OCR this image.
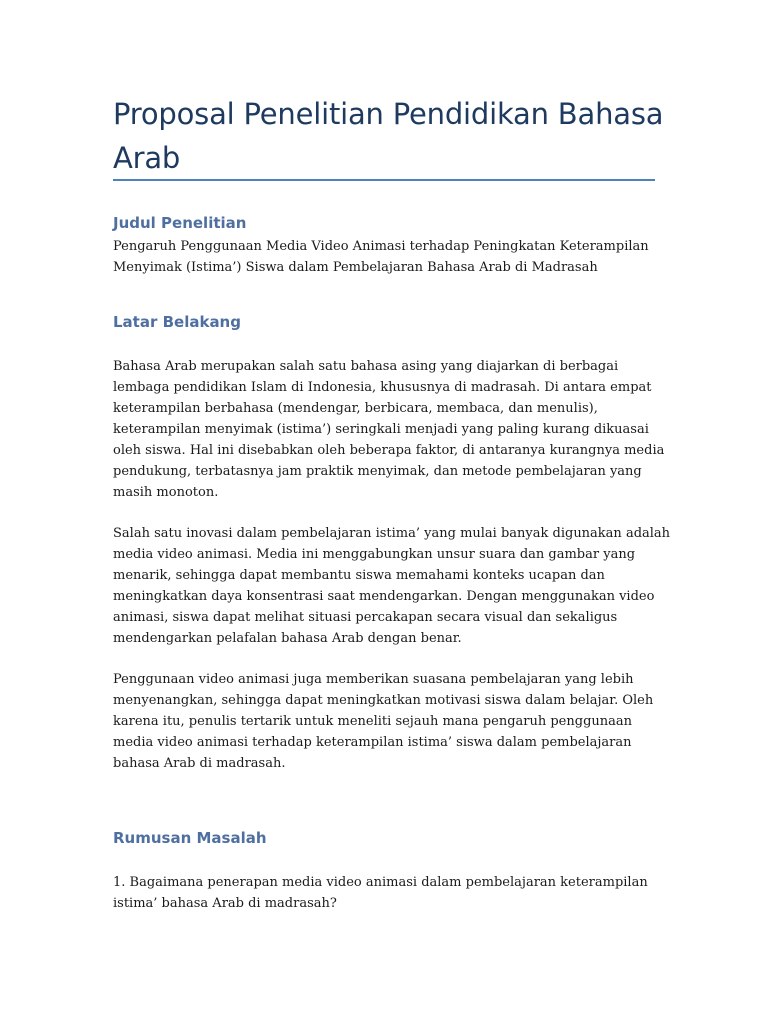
Proposal Penelitian Pendidikan Bahasa
Arab
Judul Penelitian

Pengaruh Penggunaan Media Video Animasi terhadap Peningkatan Keterampilan
Menyimak (Istima’) Siswa dalam Pembelajaran Bahasa Arab di Madrasah

Latar Belakang

Bahasa Arab merupakan salah satu bahasa asing yang diajarkan di berbagai
lembaga pendidikan Islam di Indonesia, khususnya di madrasah. Di antara empat
keterampilan berbahasa (mendengar, berbicara, membaca, dan menulis),
keterampilan menyimak (istima’) seringkali menjadi yang paling kurang dikuasai
oleh siswa. Hal ini disebabkan oleh beberapa faktor, di antaranya kurangnya media
pendukung, terbatasnya jam praktik menyimak, dan metode pembelajaran yang
masih monoton.

Salah satu inovasi dalam pembelajaran istima’ yang mulai banyak digunakan adalah
media video animasi. Media ini menggabungkan unsur suara dan gambar yang
menarik, sehingga dapat membantu siswa memahami konteks ucapan dan
meningkatkan daya konsentrasi saat mendengarkan. Dengan menggunakan video
animasi, siswa dapat melihat situasi percakapan secara visual dan sekaligus
mendengarkan pelafalan bahasa Arab dengan benar.

Penggunaan video animasi juga memberikan suasana pembelajaran yang lebih
menyenangkan, sehingga dapat meningkatkan motivasi siswa dalam belajar. Oleh
karena itu, penulis tertarik untuk meneliti sejauh mana pengaruh penggunaan
media video animasi terhadap keterampilan istima’ siswa dalam pembelajaran
bahasa Arab di madrasah.

Rumusan Masalah

1. Bagaimana penerapan media video animasi dalam pembelajaran keterampilan
istima’ bahasa Arab di madrasah?
